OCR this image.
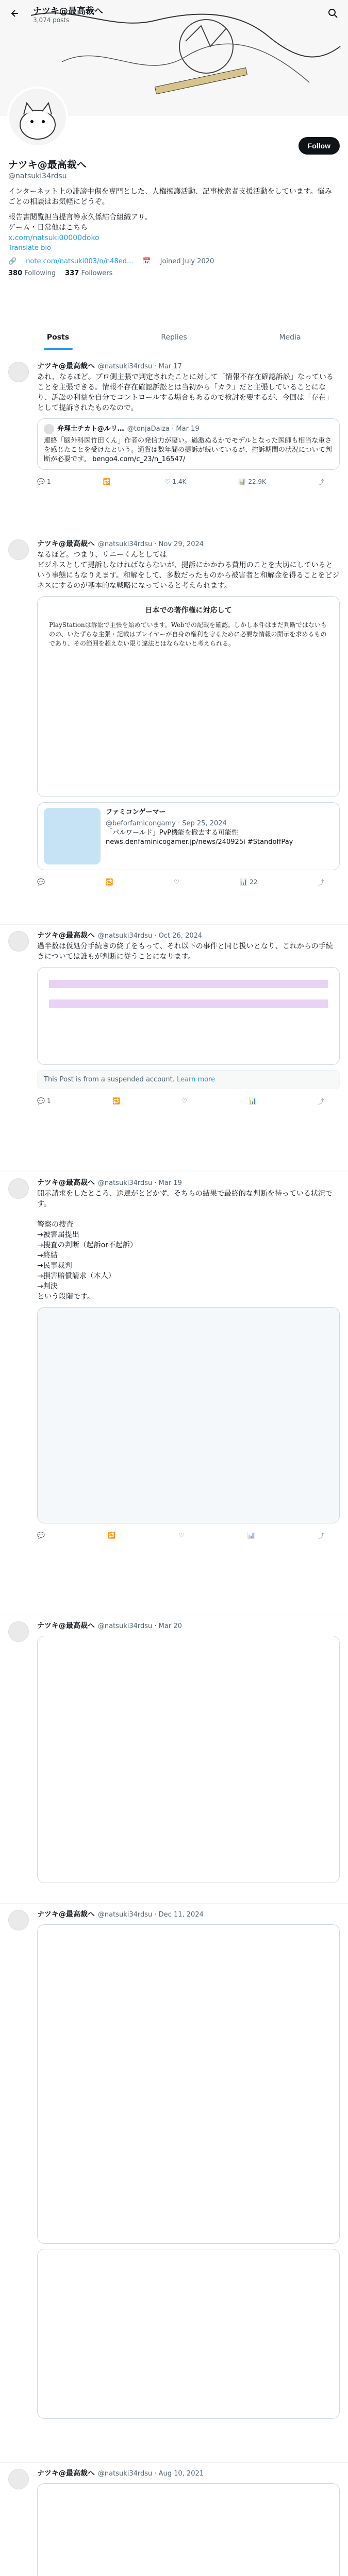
ナツキ@最高裁へ
3,074 posts
Follow
ナツキ@最高裁へ
@natsuki34rdsu
インターネット上の誹謗中傷を専門とした、人権擁護活動、記事検索者支援活動をしています。悩みごとの相談はお気軽にどうぞ。
報告書閲覧担当提言等永久係結合組織アリ。
ゲーム・日常他はこちら
x.com/natsuki00000doko
Translate bio
🔗 note.com/natsuki003/n/n48ed... 📅 Joined July 2020
380 Following 337 Followers
Posts	Replies	Media
ナツキ@最高裁へ @natsuki34rdsu · Mar 17
あれ、なるほど。プロ側主張で判定されたことに対して「情報不存在確認訴訟」なっていることを主張できる。情報不存在確認訴訟とは当初から「カラ」だと主張していることになり、訴訟の利益を自分でコントロールする場合もあるので検討を要するが、今回は「存在」として提訴されたものなので。
弁理士チカト@ルリ… @tonjaDaiza · Mar 19
連絡「脳外科医竹田くん」作者の発信力が凄い。過激ぬるかでモデルとなった医師も相当な重さを感じたことを受けたという。通貨は数年間の提訴が続いているが、控訴期間の状況について判断が必要です。 bengo4.com/c_23/n_16547/
💬 1	🔁	♡ 1.4K	📊 22.9K	⤴
ナツキ@最高裁へ @natsuki34rdsu · Nov 29, 2024
なるほど。つまり、リニーくんとしては
ビジネスとして提訴しなければならないが、提訴にかかわる費用のことを大切にしているという事態にもなりえます。和解をして、多数だったものから被害者と和解金を得ることをビジネスにするのが基本的な戦略になっていると考えられます。
日本での著作権に対応して

PlayStationは訴訟で主張を始めています。Webでの記載を確認。しかし本件はまだ判断ではないものの、いたずらな主張・記載はプレイヤーが自身の権利を守るために必要な情報の開示を求めるものであり、その範囲を超えない限り違法とはならないと考えられる。

ファミコンゲーマー
@beforfamicongamy · Sep 25, 2024
「パルワールド」PvP機能を撤去する可能性 news.denfaminicogamer.jp/news/240925i #StandoffPay
💬	🔁	♡	📊 22	⤴
ナツキ@最高裁へ @natsuki34rdsu · Oct 26, 2024
過半数は仮処分手続きの終了をもって、それ以下の事件と同じ扱いとなり、これからの手続きについては誰もが判断に従うことになります。
This Post is from a suspended account. Learn more
💬 1	🔁	♡	📊	⤴
ナツキ@最高裁へ @natsuki34rdsu · Mar 19
開示請求をしたところ、送達がとどかず、そちらの結果で最終的な判断を待っている状況です。

警察の捜査
→被害届提出
→捜査の判断（起訴or不起訴）
→終結
→民事裁判
→損害賠償請求（本人）
→判決
という段階です。
💬	🔁	♡	📊	⤴
ナツキ@最高裁へ @natsuki34rdsu · Mar 20
ナツキ@最高裁へ @natsuki34rdsu · Dec 11, 2024
ナツキ@最高裁へ @natsuki34rdsu · Aug 10, 2021
